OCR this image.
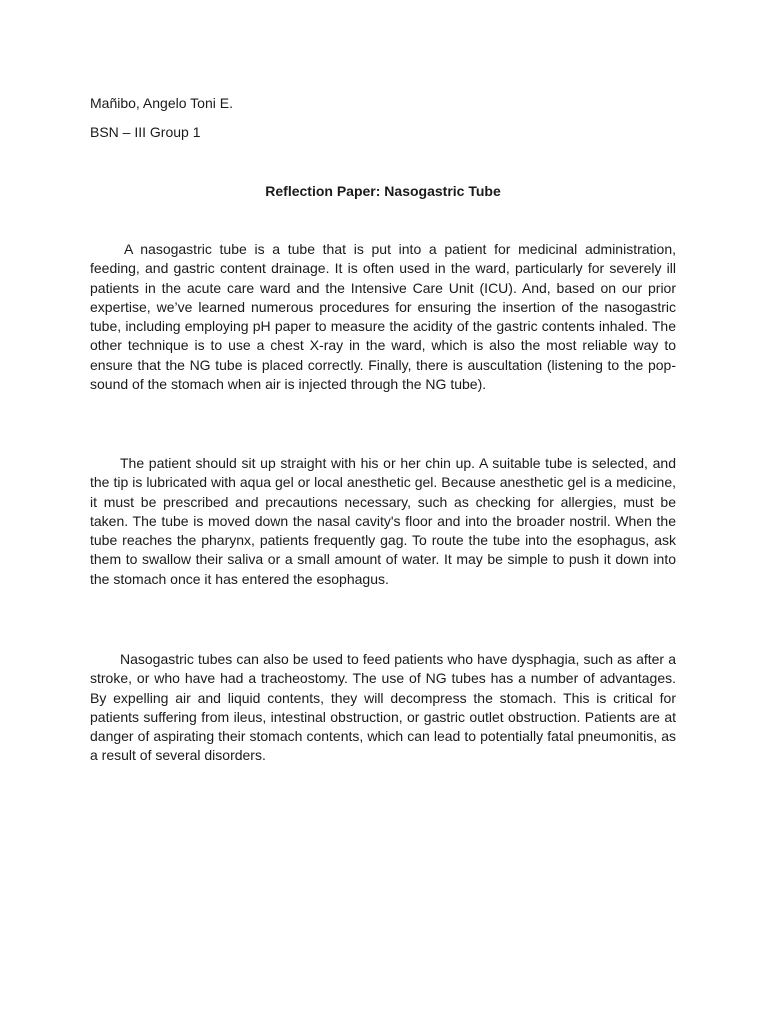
Mañibo, Angelo Toni E.

BSN – III Group 1

Reflection Paper: Nasogastric Tube

A nasogastric tube is a tube that is put into a patient for medicinal administration, feeding, and gastric content drainage. It is often used in the ward, particularly for severely ill patients in the acute care ward and the Intensive Care Unit (ICU). And, based on our prior expertise, we’ve learned numerous procedures for ensuring the insertion of the nasogastric tube, including employing pH paper to measure the acidity of the gastric contents inhaled. The other technique is to use a chest X-ray in the ward, which is also the most reliable way to ensure that the NG tube is placed correctly. Finally, there is auscultation (listening to the pop-sound of the stomach when air is injected through the NG tube).

The patient should sit up straight with his or her chin up. A suitable tube is selected, and the tip is lubricated with aqua gel or local anesthetic gel. Because anesthetic gel is a medicine, it must be prescribed and precautions necessary, such as checking for allergies, must be taken. The tube is moved down the nasal cavity's floor and into the broader nostril. When the tube reaches the pharynx, patients frequently gag. To route the tube into the esophagus, ask them to swallow their saliva or a small amount of water. It may be simple to push it down into the stomach once it has entered the esophagus.

Nasogastric tubes can also be used to feed patients who have dysphagia, such as after a stroke, or who have had a tracheostomy. The use of NG tubes has a number of advantages. By expelling air and liquid contents, they will decompress the stomach. This is critical for patients suffering from ileus, intestinal obstruction, or gastric outlet obstruction. Patients are at danger of aspirating their stomach contents, which can lead to potentially fatal pneumonitis, as a result of several disorders.
